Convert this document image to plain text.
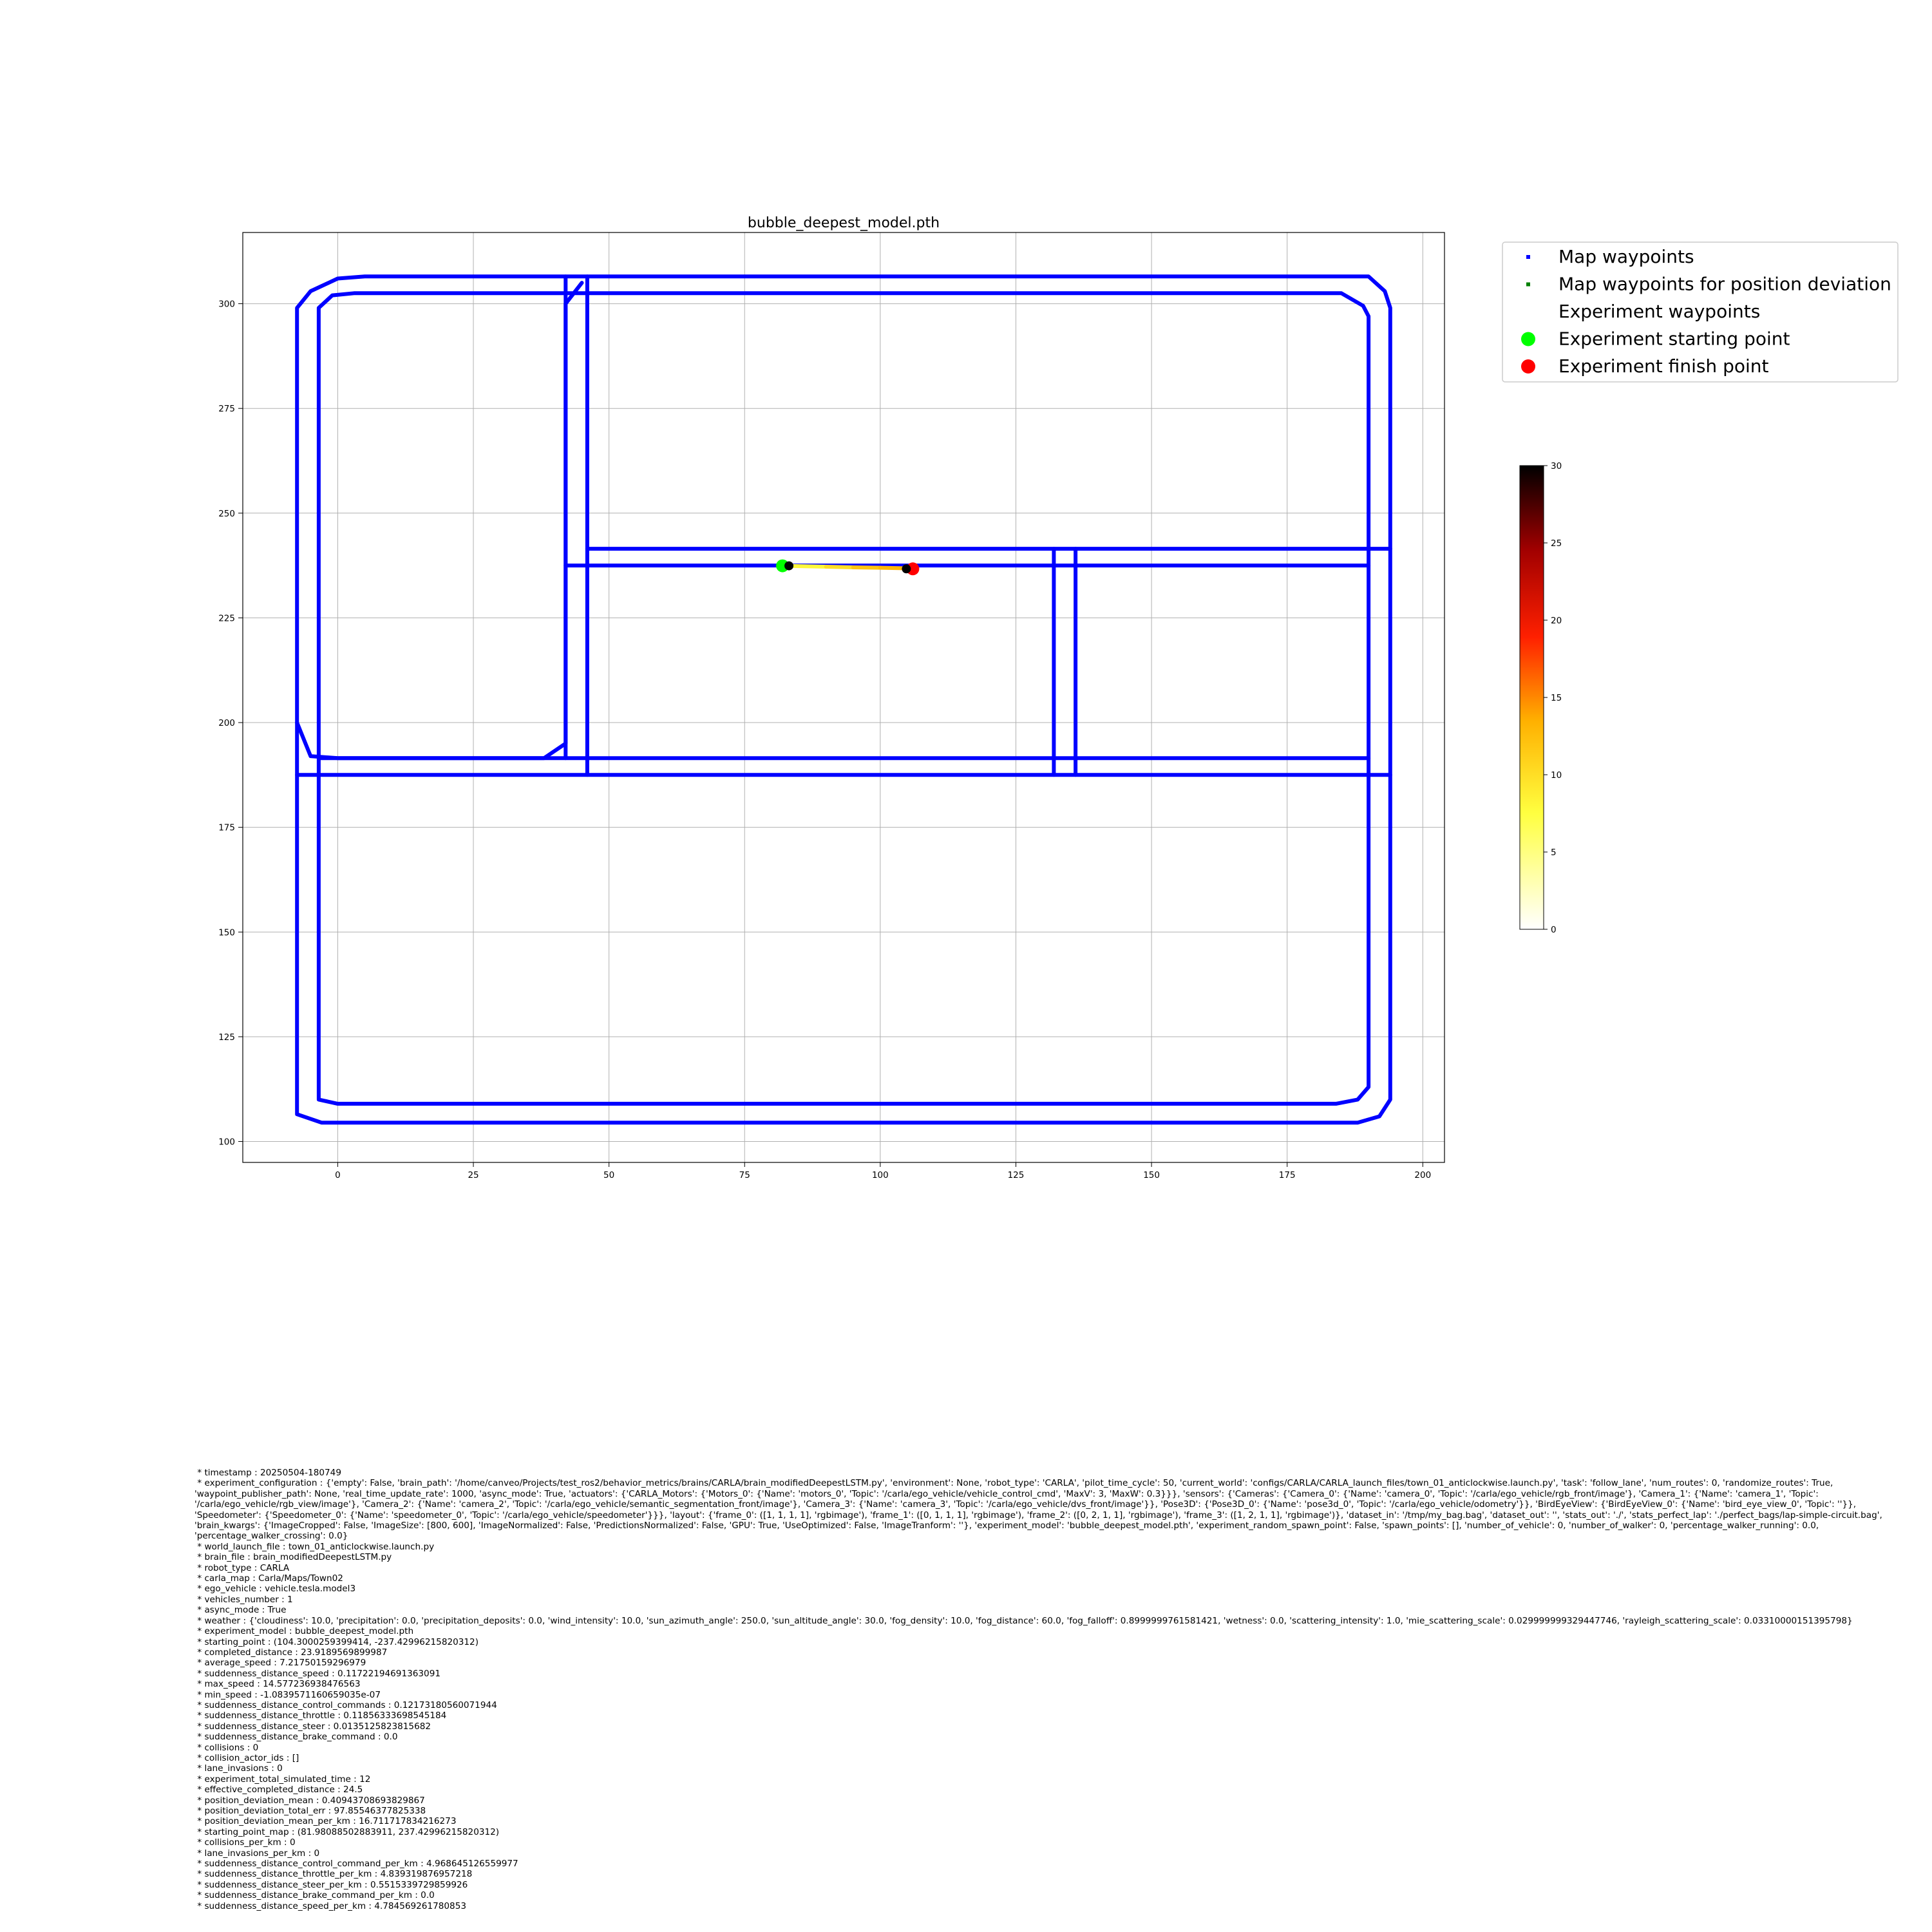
bubble_deepest_model.pth
0	25	50	75	100	125	150	175	200
100
125
150
175
200
225
250
275
300
Map waypoints
Map waypoints for position deviation
Experiment waypoints
Experiment starting point
Experiment finish point
0
5
10
15
20
25
30
* timestamp : 20250504-180749
* experiment_configuration : {'empty': False, 'brain_path': '/home/canveo/Projects/test_ros2/behavior_metrics/brains/CARLA/brain_modifiedDeepestLSTM.py', 'environment': None, 'robot_type': 'CARLA', 'pilot_time_cycle': 50, 'current_world': 'configs/CARLA/CARLA_launch_files/town_01_anticlockwise.launch.py', 'task': 'follow_lane', 'num_routes': 0, 'randomize_routes': True,
'waypoint_publisher_path': None, 'real_time_update_rate': 1000, 'async_mode': True, 'actuators': {'CARLA_Motors': {'Motors_0': {'Name': 'motors_0', 'Topic': '/carla/ego_vehicle/vehicle_control_cmd', 'MaxV': 3, 'MaxW': 0.3}}}, 'sensors': {'Cameras': {'Camera_0': {'Name': 'camera_0', 'Topic': '/carla/ego_vehicle/rgb_front/image'}, 'Camera_1': {'Name': 'camera_1', 'Topic':
'/carla/ego_vehicle/rgb_view/image'}, 'Camera_2': {'Name': 'camera_2', 'Topic': '/carla/ego_vehicle/semantic_segmentation_front/image'}, 'Camera_3': {'Name': 'camera_3', 'Topic': '/carla/ego_vehicle/dvs_front/image'}}, 'Pose3D': {'Pose3D_0': {'Name': 'pose3d_0', 'Topic': '/carla/ego_vehicle/odometry'}}, 'BirdEyeView': {'BirdEyeView_0': {'Name': 'bird_eye_view_0', 'Topic': ''}},
'Speedometer': {'Speedometer_0': {'Name': 'speedometer_0', 'Topic': '/carla/ego_vehicle/speedometer'}}}, 'layout': {'frame_0': ([1, 1, 1, 1], 'rgbimage'), 'frame_1': ([0, 1, 1, 1], 'rgbimage'), 'frame_2': ([0, 2, 1, 1], 'rgbimage'), 'frame_3': ([1, 2, 1, 1], 'rgbimage')}, 'dataset_in': '/tmp/my_bag.bag', 'dataset_out': '', 'stats_out': './', 'stats_perfect_lap': './perfect_bags/lap-simple-circuit.bag',
'brain_kwargs': {'ImageCropped': False, 'ImageSize': [800, 600], 'ImageNormalized': False, 'PredictionsNormalized': False, 'GPU': True, 'UseOptimized': False, 'ImageTranform': ''}, 'experiment_model': 'bubble_deepest_model.pth', 'experiment_random_spawn_point': False, 'spawn_points': [], 'number_of_vehicle': 0, 'number_of_walker': 0, 'percentage_walker_running': 0.0,
'percentage_walker_crossing': 0.0}
* world_launch_file : town_01_anticlockwise.launch.py
* brain_file : brain_modifiedDeepestLSTM.py
* robot_type : CARLA
* carla_map : Carla/Maps/Town02
* ego_vehicle : vehicle.tesla.model3
* vehicles_number : 1
* async_mode : True
* weather : {'cloudiness': 10.0, 'precipitation': 0.0, 'precipitation_deposits': 0.0, 'wind_intensity': 10.0, 'sun_azimuth_angle': 250.0, 'sun_altitude_angle': 30.0, 'fog_density': 10.0, 'fog_distance': 60.0, 'fog_falloff': 0.8999999761581421, 'wetness': 0.0, 'scattering_intensity': 1.0, 'mie_scattering_scale': 0.029999999329447746, 'rayleigh_scattering_scale': 0.03310000151395798}
* experiment_model : bubble_deepest_model.pth
* starting_point : (104.3000259399414, -237.42996215820312)
* completed_distance : 23.9189569899987
* average_speed : 7.21750159296979
* suddenness_distance_speed : 0.11722194691363091
* max_speed : 14.577236938476563
* min_speed : -1.0839571160659035e-07
* suddenness_distance_control_commands : 0.12173180560071944
* suddenness_distance_throttle : 0.11856333698545184
* suddenness_distance_steer : 0.0135125823815682
* suddenness_distance_brake_command : 0.0
* collisions : 0
* collision_actor_ids : []
* lane_invasions : 0
* experiment_total_simulated_time : 12
* effective_completed_distance : 24.5
* position_deviation_mean : 0.40943708693829867
* position_deviation_total_err : 97.85546377825338
* position_deviation_mean_per_km : 16.711717834216273
* starting_point_map : (81.98088502883911, 237.42996215820312)
* collisions_per_km : 0
* lane_invasions_per_km : 0
* suddenness_distance_control_command_per_km : 4.968645126559977
* suddenness_distance_throttle_per_km : 4.839319876957218
* suddenness_distance_steer_per_km : 0.5515339729859926
* suddenness_distance_brake_command_per_km : 0.0
* suddenness_distance_speed_per_km : 4.784569261780853
